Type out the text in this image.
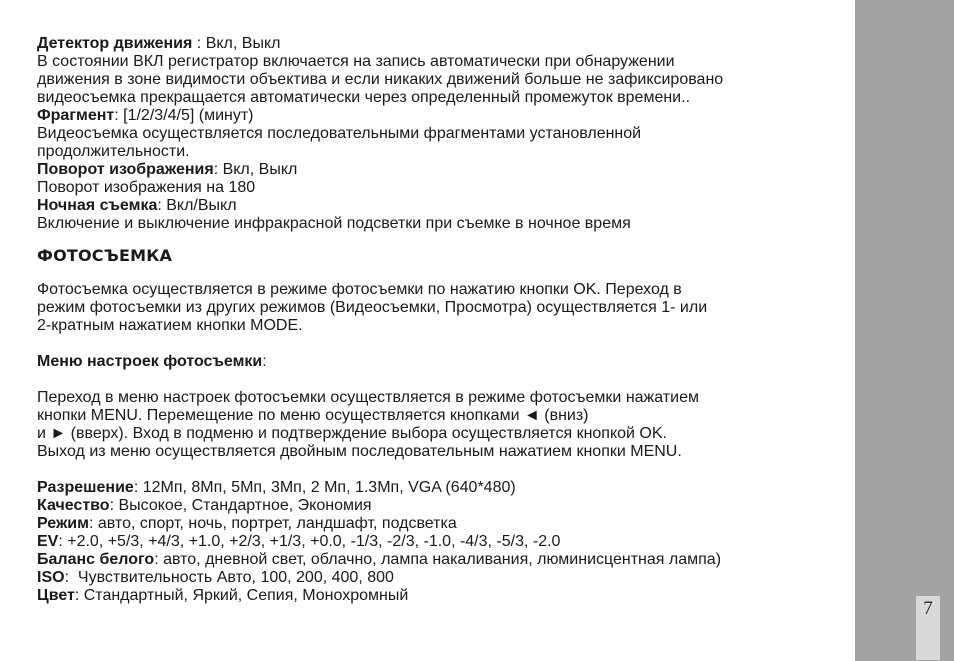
7
Детектор движения : Вкл, Выкл
В состоянии ВКЛ регистратор включается на запись автоматически при обнаружении
движения в зоне видимости объектива и если никаких движений больше не зафиксировано
видеосъемка прекращается автоматически через определенный промежуток времени..
Фрагмент: [1/2/3/4/5] (минут)
Видеосъемка осуществляется последовательными фрагментами установленной
продолжительности.
Поворот изображения: Вкл, Выкл
Поворот изображения на 180
Ночная съемка: Вкл/Выкл
Включение и выключение инфракрасной подсветки при съемке в ночное время
ФОТОСЪЕМКА
Фотосъемка осуществляется в режиме фотосъемки по нажатию кнопки OK. Переход в
режим фотосъемки из других режимов (Видеосъемки, Просмотра) осуществляется 1- или
2-кратным нажатием кнопки MODE.
Меню настроек фотосъемки:
Переход в меню настроек фотосъемки осуществляется в режиме фотосъемки нажатием
кнопки MENU. Перемещение по меню осуществляется кнопками ◄ (вниз)
и ► (вверх). Вход в подменю и подтверждение выбора осуществляется кнопкой OK.
Выход из меню осуществляется двойным последовательным нажатием кнопки MENU.
Разрешение: 12Мп, 8Мп, 5Мп, 3Мп, 2 Мп, 1.3Мп, VGA (640*480)
Качество: Высокое, Стандартное, Экономия
Режим: авто, спорт, ночь, портрет, ландшафт, подсветка
EV: +2.0, +5/3, +4/3, +1.0, +2/3, +1/3, +0.0, -1/3, -2/3, -1.0, -4/3, -5/3, -2.0
Баланс белого: авто, дневной свет, облачно, лампа накаливания, люминисцентная лампа)
ISO:  Чувствительность Авто, 100, 200, 400, 800
Цвет: Стандартный, Яркий, Сепия, Монохромный
